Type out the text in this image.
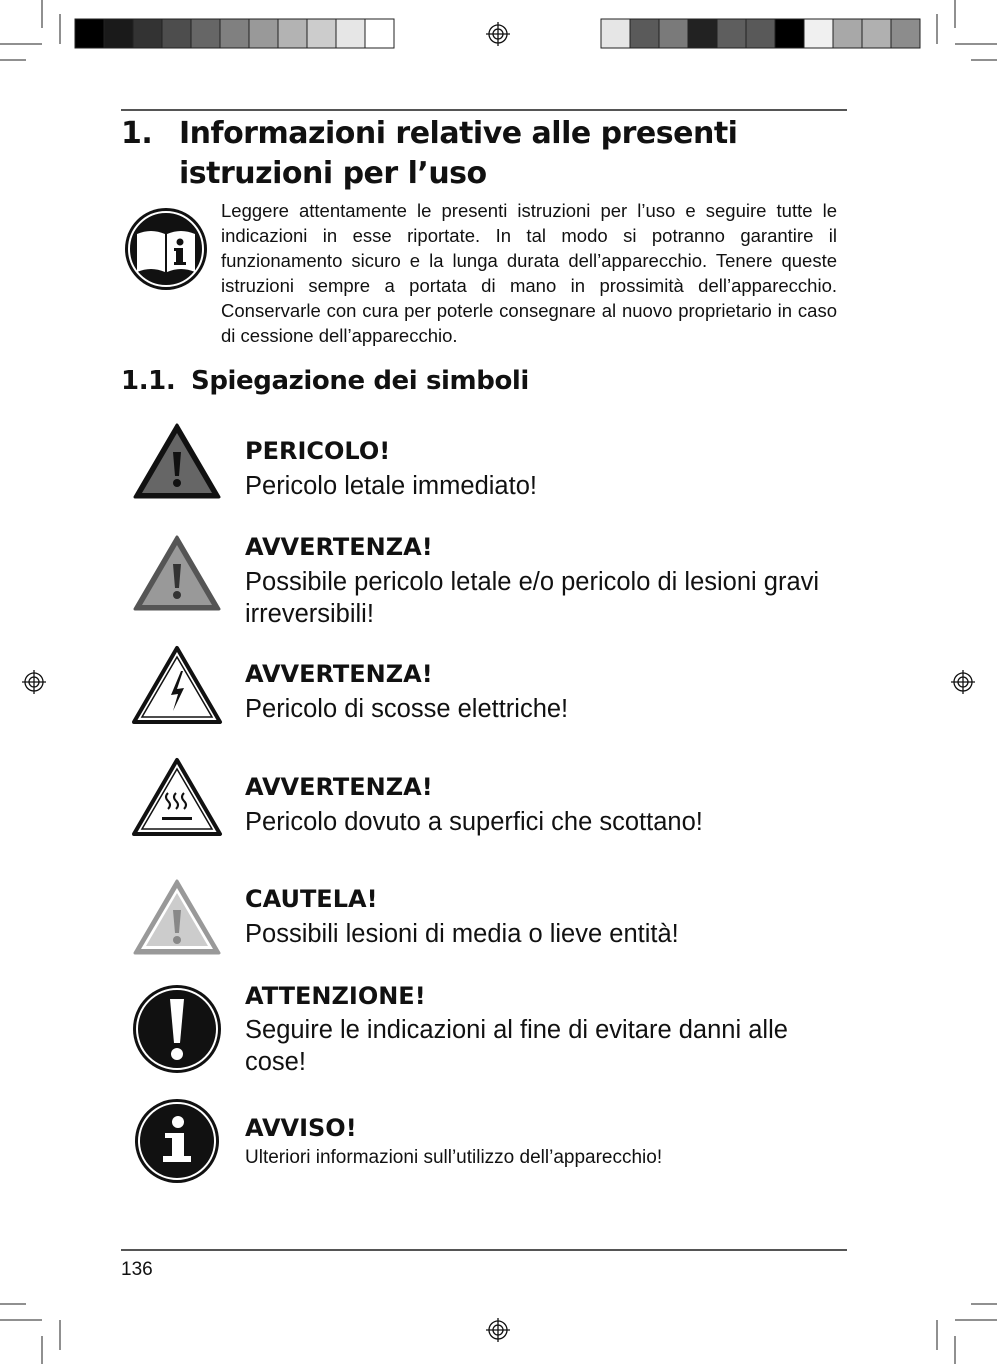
1. Informazioni relative alle presenti istruzioni per l’uso

Leggere attentamente le presenti istruzioni per l’uso e seguire tutte le indicazioni in esse riportate. In tal modo si potranno garantire il funzionamento sicuro e la lunga durata dell’apparecchio. Tenere queste istruzioni sempre a portata di mano in prossimità dell’apparecchio. Conservarle con cura per poterle consegnare al nuovo proprietario in caso di cessione dell’apparecchio.

1.1. Spiegazione dei simboli
PERICOLO!
Pericolo letale immediato!
AVVERTENZA!
Possibile pericolo letale e/o pericolo di lesioni gravi irreversibili!
AVVERTENZA!
Pericolo di scosse elettriche!
AVVERTENZA!
Pericolo dovuto a superfici che scottano!
CAUTELA!
Possibili lesioni di media o lieve entità!
ATTENZIONE!
Seguire le indicazioni al fine di evitare danni alle cose!
AVVISO!
Ulteriori informazioni sull’utilizzo dell’apparecchio!
136
